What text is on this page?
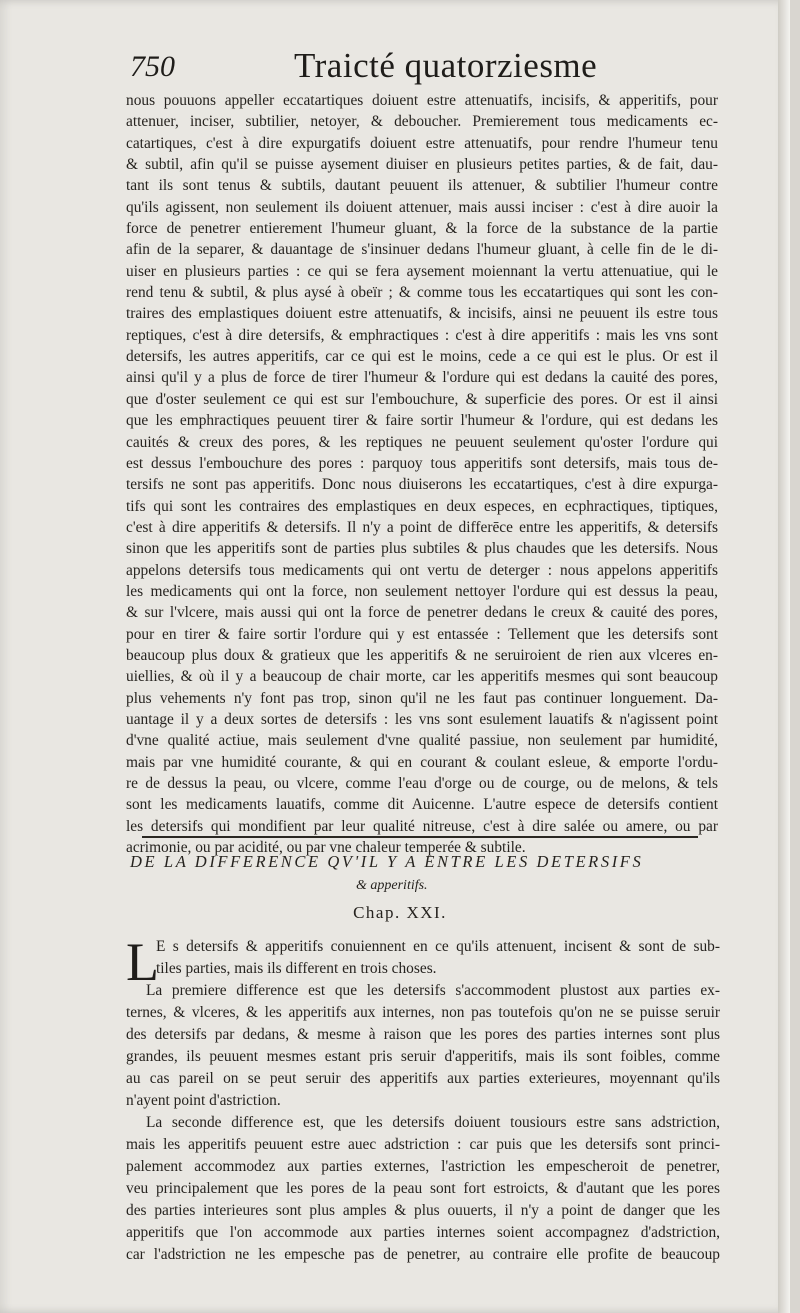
750	Traicté quatorziesme
nous pouuons appeller eccatartiques doiuent estre attenuatifs, incisifs, & apperitifs, pour
attenuer, inciser, subtilier, netoyer, & deboucher. Premierement tous medicaments ec-
catartiques, c'est à dire expurgatifs doiuent estre attenuatifs, pour rendre l'humeur tenu
& subtil, afin qu'il se puisse aysement diuiser en plusieurs petites parties, & de fait, dau-
tant ils sont tenus & subtils, dautant peuuent ils attenuer, & subtilier l'humeur contre
qu'ils agissent, non seulement ils doiuent attenuer, mais aussi inciser : c'est à dire auoir la
force de penetrer entierement l'humeur gluant, & la force de la substance de la partie
afin de la separer, & dauantage de s'insinuer dedans l'humeur gluant, à celle fin de le di-
uiser en plusieurs parties : ce qui se fera aysement moiennant la vertu attenuatiue, qui le
rend tenu & subtil, & plus aysé à obeïr ; & comme tous les eccatartiques qui sont les con-
traires des emplastiques doiuent estre attenuatifs, & incisifs, ainsi ne peuuent ils estre tous
reptiques, c'est à dire detersifs, & emphractiques : c'est à dire apperitifs : mais les vns sont
detersifs, les autres apperitifs, car ce qui est le moins, cede a ce qui est le plus. Or est il
ainsi qu'il y a plus de force de tirer l'humeur & l'ordure qui est dedans la cauité des pores,
que d'oster seulement ce qui est sur l'embouchure, & superficie des pores. Or est il ainsi
que les emphractiques peuuent tirer & faire sortir l'humeur & l'ordure, qui est dedans les
cauités & creux des pores, & les reptiques ne peuuent seulement qu'oster l'ordure qui
est dessus l'embouchure des pores : parquoy tous apperitifs sont detersifs, mais tous de-
tersifs ne sont pas apperitifs. Donc nous diuiserons les eccatartiques, c'est à dire expurga-
tifs qui sont les contraires des emplastiques en deux especes, en ecphractiques, tiptiques,
c'est à dire apperitifs & detersifs. Il n'y a point de differēce entre les apperitifs, & detersifs
sinon que les apperitifs sont de parties plus subtiles & plus chaudes que les detersifs. Nous
appelons detersifs tous medicaments qui ont vertu de deterger : nous appelons apperitifs
les medicaments qui ont la force, non seulement nettoyer l'ordure qui est dessus la peau,
& sur l'vlcere, mais aussi qui ont la force de penetrer dedans le creux & cauité des pores,
pour en tirer & faire sortir l'ordure qui y est entassée : Tellement que les detersifs sont
beaucoup plus doux & gratieux que les apperitifs & ne seruiroient de rien aux vlceres en-
uiellies, & où il y a beaucoup de chair morte, car les apperitifs mesmes qui sont beaucoup
plus vehements n'y font pas trop, sinon qu'il ne les faut pas continuer longuement. Da-
uantage il y a deux sortes de detersifs : les vns sont esulement lauatifs & n'agissent point
d'vne qualité actiue, mais seulement d'vne qualité passiue, non seulement par humidité,
mais par vne humidité courante, & qui en courant & coulant esleue, & emporte l'ordu-
re de dessus la peau, ou vlcere, comme l'eau d'orge ou de courge, ou de melons, & tels
sont les medicaments lauatifs, comme dit Auicenne. L'autre espece de detersifs contient
les detersifs qui mondifient par leur qualité nitreuse, c'est à dire salée ou amere, ou par
acrimonie, ou par acidité, ou par vne chaleur temperée & subtile.
DE LA DIFFERENCE QV'IL Y A ENTRE LES DETERSIFS
& apperitifs.
Chap. XXI.
L
E s detersifs & apperitifs conuiennent en ce qu'ils attenuent, incisent & sont de sub-
tiles parties, mais ils different en trois choses.
La premiere difference est que les detersifs s'accommodent plustost aux parties ex-
ternes, & vlceres, & les apperitifs aux internes, non pas toutefois qu'on ne se puisse seruir
des detersifs par dedans, & mesme à raison que les pores des parties internes sont plus
grandes, ils peuuent mesmes estant pris seruir d'apperitifs, mais ils sont foibles, comme
au cas pareil on se peut seruir des apperitifs aux parties exterieures, moyennant qu'ils
n'ayent point d'astriction.
La seconde difference est, que les detersifs doiuent tousiours estre sans adstriction,
mais les apperitifs peuuent estre auec adstriction : car puis que les detersifs sont princi-
palement accommodez aux parties externes, l'astriction les empescheroit de penetrer,
veu principalement que les pores de la peau sont fort estroicts, & d'autant que les pores
des parties interieures sont plus amples & plus ouuerts, il n'y a point de danger que les
apperitifs que l'on accommode aux parties internes soient accompagnez d'adstriction,
car l'adstriction ne les empesche pas de penetrer, au contraire elle profite de beaucoup
